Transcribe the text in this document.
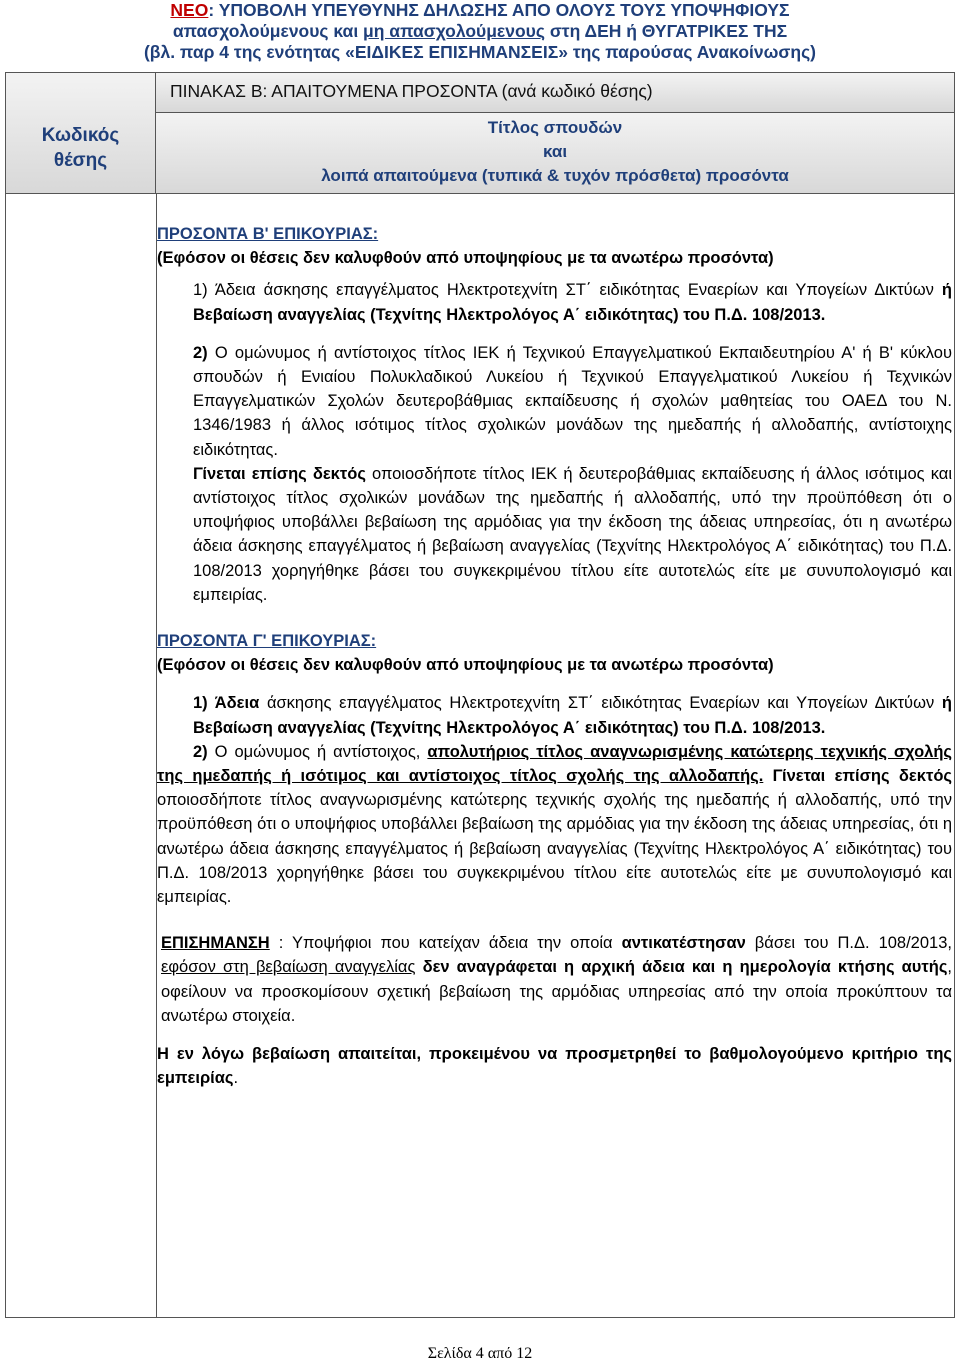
ΝΕΟ: ΥΠΟΒΟΛΗ ΥΠΕΥΘΥΝΗΣ ΔΗΛΩΣΗΣ ΑΠΟ ΟΛΟΥΣ ΤΟΥΣ ΥΠΟΨΗΦΙΟΥΣ
απασχολούμενους και μη απασχολούμενους στη ΔΕΗ ή ΘΥΓΑΤΡΙΚΕΣ ΤΗΣ
(βλ. παρ 4 της ενότητας «ΕΙΔΙΚΕΣ ΕΠΙΣΗΜΑΝΣΕΙΣ» της παρούσας Ανακοίνωσης)
Κωδικός
θέσης
ΠΙΝΑΚΑΣ Β: ΑΠΑΙΤΟΥΜΕΝΑ ΠΡΟΣΟΝΤΑ (ανά κωδικό θέσης)
Τίτλος σπουδών
και
λοιπά απαιτούμενα (τυπικά & τυχόν πρόσθετα) προσόντα

ΠΡΟΣΟΝΤΑ Β' ΕΠΙΚΟΥΡΙΑΣ:

(Εφόσον οι θέσεις δεν καλυφθούν από υποψηφίους με τα ανωτέρω προσόντα)

1) Άδεια άσκησης επαγγέλματος Ηλεκτροτεχνίτη ΣΤ΄ ειδικότητας Εναερίων και Υπογείων Δικτύων ή Βεβαίωση αναγγελίας (Τεχνίτης Ηλεκτρολόγος Α΄ ειδικότητας) του Π.Δ. 108/2013.

2) Ο ομώνυμος ή αντίστοιχος τίτλος ΙΕΚ ή Τεχνικού Επαγγελματικού Εκπαιδευτηρίου Α' ή Β' κύκλου σπουδών ή Ενιαίου Πολυκλαδικού Λυκείου ή Τεχνικού Επαγγελματικού Λυκείου ή Τεχνικών Επαγγελματικών Σχολών δευτεροβάθμιας εκπαίδευσης ή σχολών μαθητείας του ΟΑΕΔ του Ν. 1346/1983 ή άλλος ισότιμος τίτλος σχολικών μονάδων της ημεδαπής ή αλλοδαπής, αντίστοιχης ειδικότητας.

Γίνεται επίσης δεκτός οποιοσδήποτε τίτλος ΙΕΚ ή δευτεροβάθμιας εκπαίδευσης ή άλλος ισότιμος και αντίστοιχος τίτλος σχολικών μονάδων της ημεδαπής ή αλλοδαπής, υπό την προϋπόθεση ότι ο υποψήφιος υποβάλλει βεβαίωση της αρμόδιας για την έκδοση της άδειας υπηρεσίας, ότι η ανωτέρω άδεια άσκησης επαγγέλματος ή βεβαίωση αναγγελίας (Τεχνίτης Ηλεκτρολόγος Α΄ ειδικότητας) του Π.Δ. 108/2013 χορηγήθηκε βάσει του συγκεκριμένου τίτλου είτε αυτοτελώς είτε με συνυπολογισμό και εμπειρίας.

ΠΡΟΣΟΝΤΑ Γ' ΕΠΙΚΟΥΡΙΑΣ:

(Εφόσον οι θέσεις δεν καλυφθούν από υποψηφίους με τα ανωτέρω προσόντα)

1) Άδεια άσκησης επαγγέλματος Ηλεκτροτεχνίτη ΣΤ΄ ειδικότητας Εναερίων και Υπογείων Δικτύων ή Βεβαίωση αναγγελίας (Τεχνίτης Ηλεκτρολόγος Α΄ ειδικότητας) του Π.Δ. 108/2013.

2) Ο ομώνυμος ή αντίστοιχος, απολυτήριος τίτλος αναγνωρισμένης κατώτερης τεχνικής σχολής της ημεδαπής ή ισότιμος και αντίστοιχος τίτλος σχολής της αλλοδαπής. Γίνεται επίσης δεκτός οποιοσδήποτε τίτλος αναγνωρισμένης κατώτερης τεχνικής σχολής της ημεδαπής ή αλλοδαπής, υπό την προϋπόθεση ότι ο υποψήφιος υποβάλλει βεβαίωση της αρμόδιας για την έκδοση της άδειας υπηρεσίας, ότι η ανωτέρω άδεια άσκησης επαγγέλματος ή βεβαίωση αναγγελίας (Τεχνίτης Ηλεκτρολόγος Α΄ ειδικότητας) του Π.Δ. 108/2013 χορηγήθηκε βάσει του συγκεκριμένου τίτλου είτε αυτοτελώς είτε με συνυπολογισμό και εμπειρίας.

ΕΠΙΣΗΜΑΝΣΗ : Υποψήφιοι που κατείχαν άδεια την οποία αντικατέστησαν βάσει του Π.Δ. 108/2013, εφόσον στη βεβαίωση αναγγελίας δεν αναγράφεται η αρχική άδεια και η ημερολογία κτήσης αυτής, οφείλουν να προσκομίσουν σχετική βεβαίωση της αρμόδιας υπηρεσίας από την οποία προκύπτουν τα ανωτέρω στοιχεία.

Η εν λόγω βεβαίωση απαιτείται, προκειμένου να προσμετρηθεί το βαθμολογούμενο κριτήριο της εμπειρίας.

Σελίδα 4 από 12
